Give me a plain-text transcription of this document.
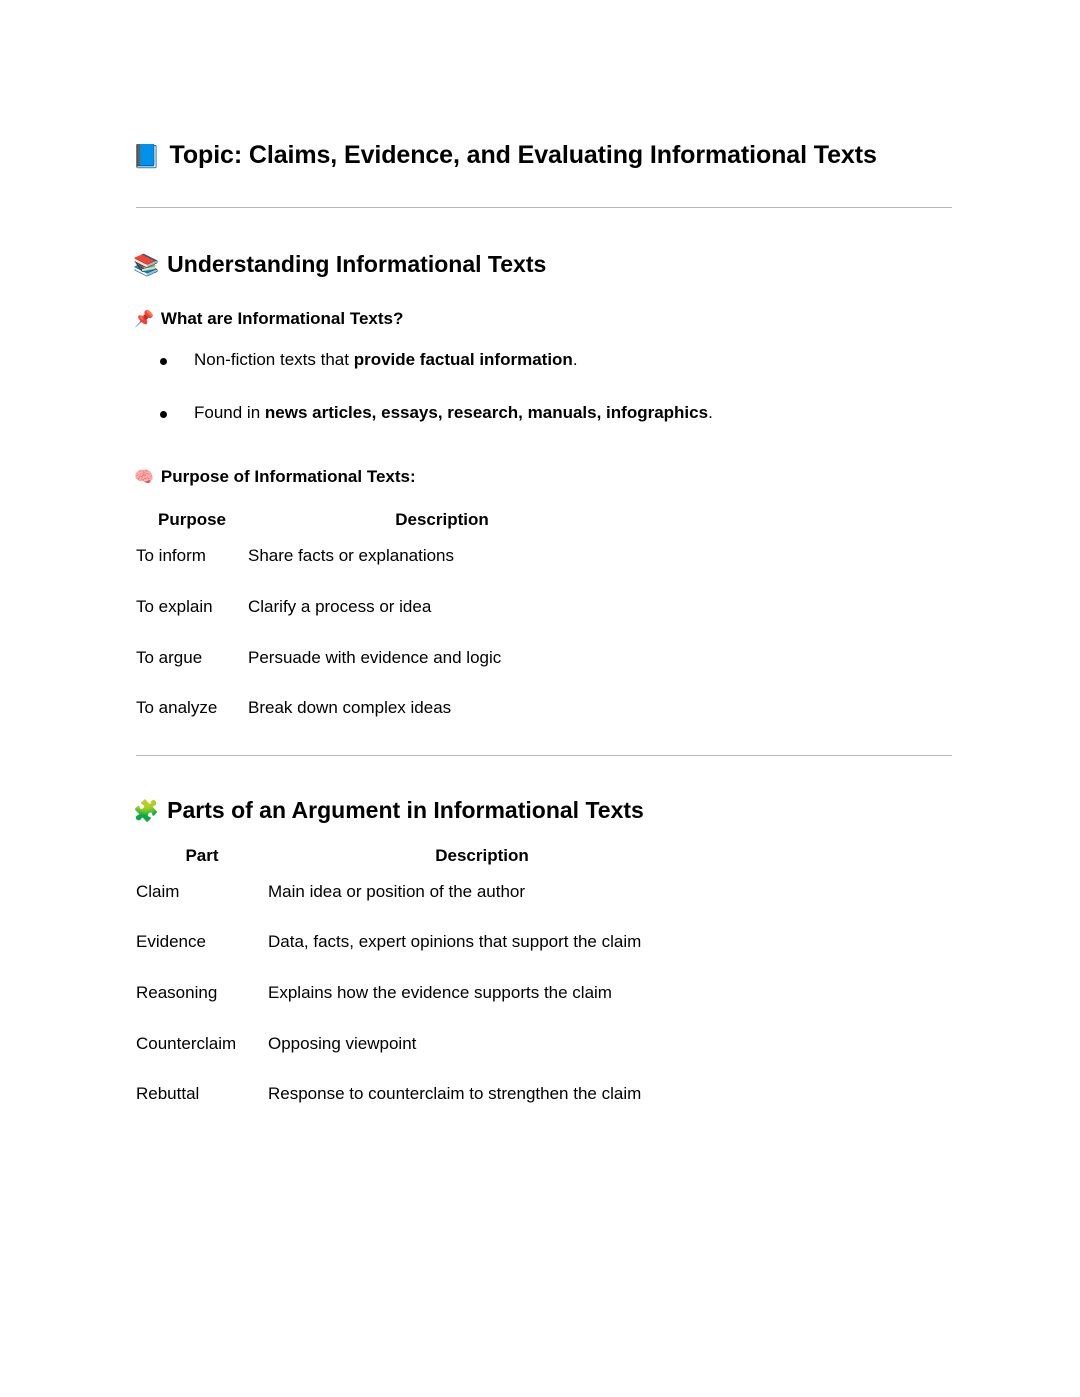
📘 Topic: Claims, Evidence, and Evaluating Informational Texts
📚 Understanding Informational Texts
📌 What are Informational Texts?
Non-fiction texts that provide factual information.
Found in news articles, essays, research, manuals, infographics.
🧠 Purpose of Informational Texts:
Purpose	Description
To inform	Share facts or explanations
To explain	Clarify a process or idea
To argue	Persuade with evidence and logic
To analyze	Break down complex ideas
🧩 Parts of an Argument in Informational Texts
Part	Description
Claim	Main idea or position of the author
Evidence	Data, facts, expert opinions that support the claim
Reasoning	Explains how the evidence supports the claim
Counterclaim	Opposing viewpoint
Rebuttal	Response to counterclaim to strengthen the claim
